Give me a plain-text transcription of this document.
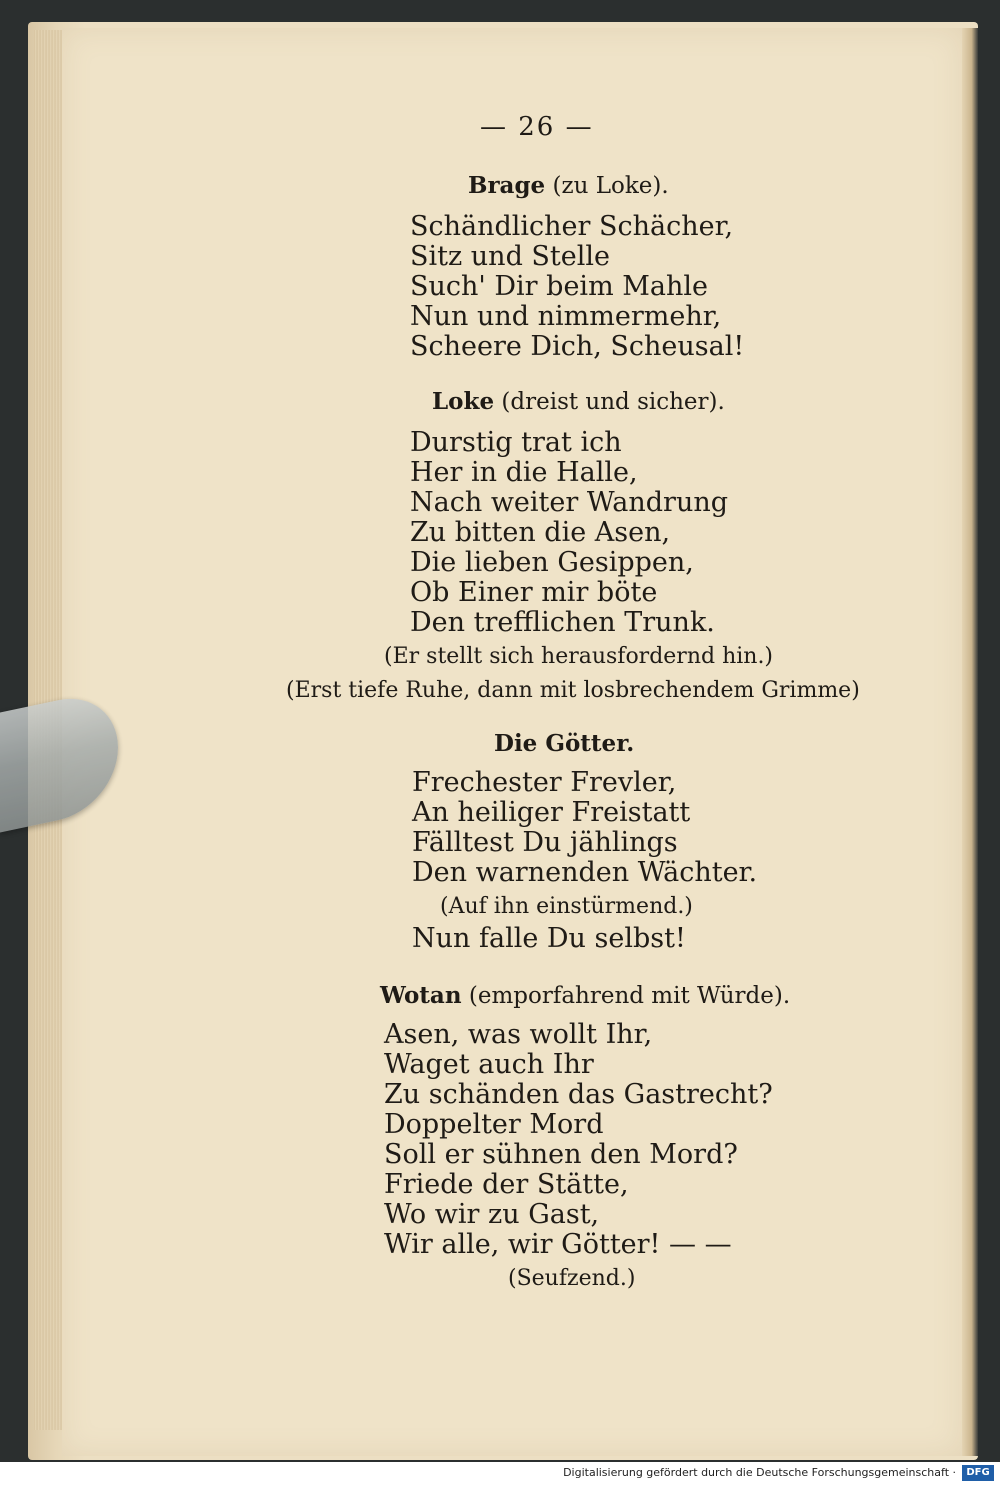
— 26 —
Brage (zu Loke).
Schändlicher Schächer,
Sitz und Stelle
Such' Dir beim Mahle
Nun und nimmermehr,
Scheere Dich, Scheusal!
Loke (dreist und sicher).
Durstig trat ich
Her in die Halle,
Nach weiter Wandrung
Zu bitten die Asen,
Die lieben Gesippen,
Ob Einer mir böte
Den trefflichen Trunk.
(Er stellt sich herausfordernd hin.)
(Erst tiefe Ruhe, dann mit losbrechendem Grimme)
Die Götter.
Frechester Frevler,
An heiliger Freistatt
Fälltest Du jählings
Den warnenden Wächter.
(Auf ihn einstürmend.)
Nun falle Du selbst!
Wotan (emporfahrend mit Würde).
Asen, was wollt Ihr,
Waget auch Ihr
Zu schänden das Gastrecht?
Doppelter Mord
Soll er sühnen den Mord?
Friede der Stätte,
Wo wir zu Gast,
Wir alle, wir Götter! — —
(Seufzend.)
Digitalisierung gefördert durch die Deutsche Forschungsgemeinschaft ·	DFG
